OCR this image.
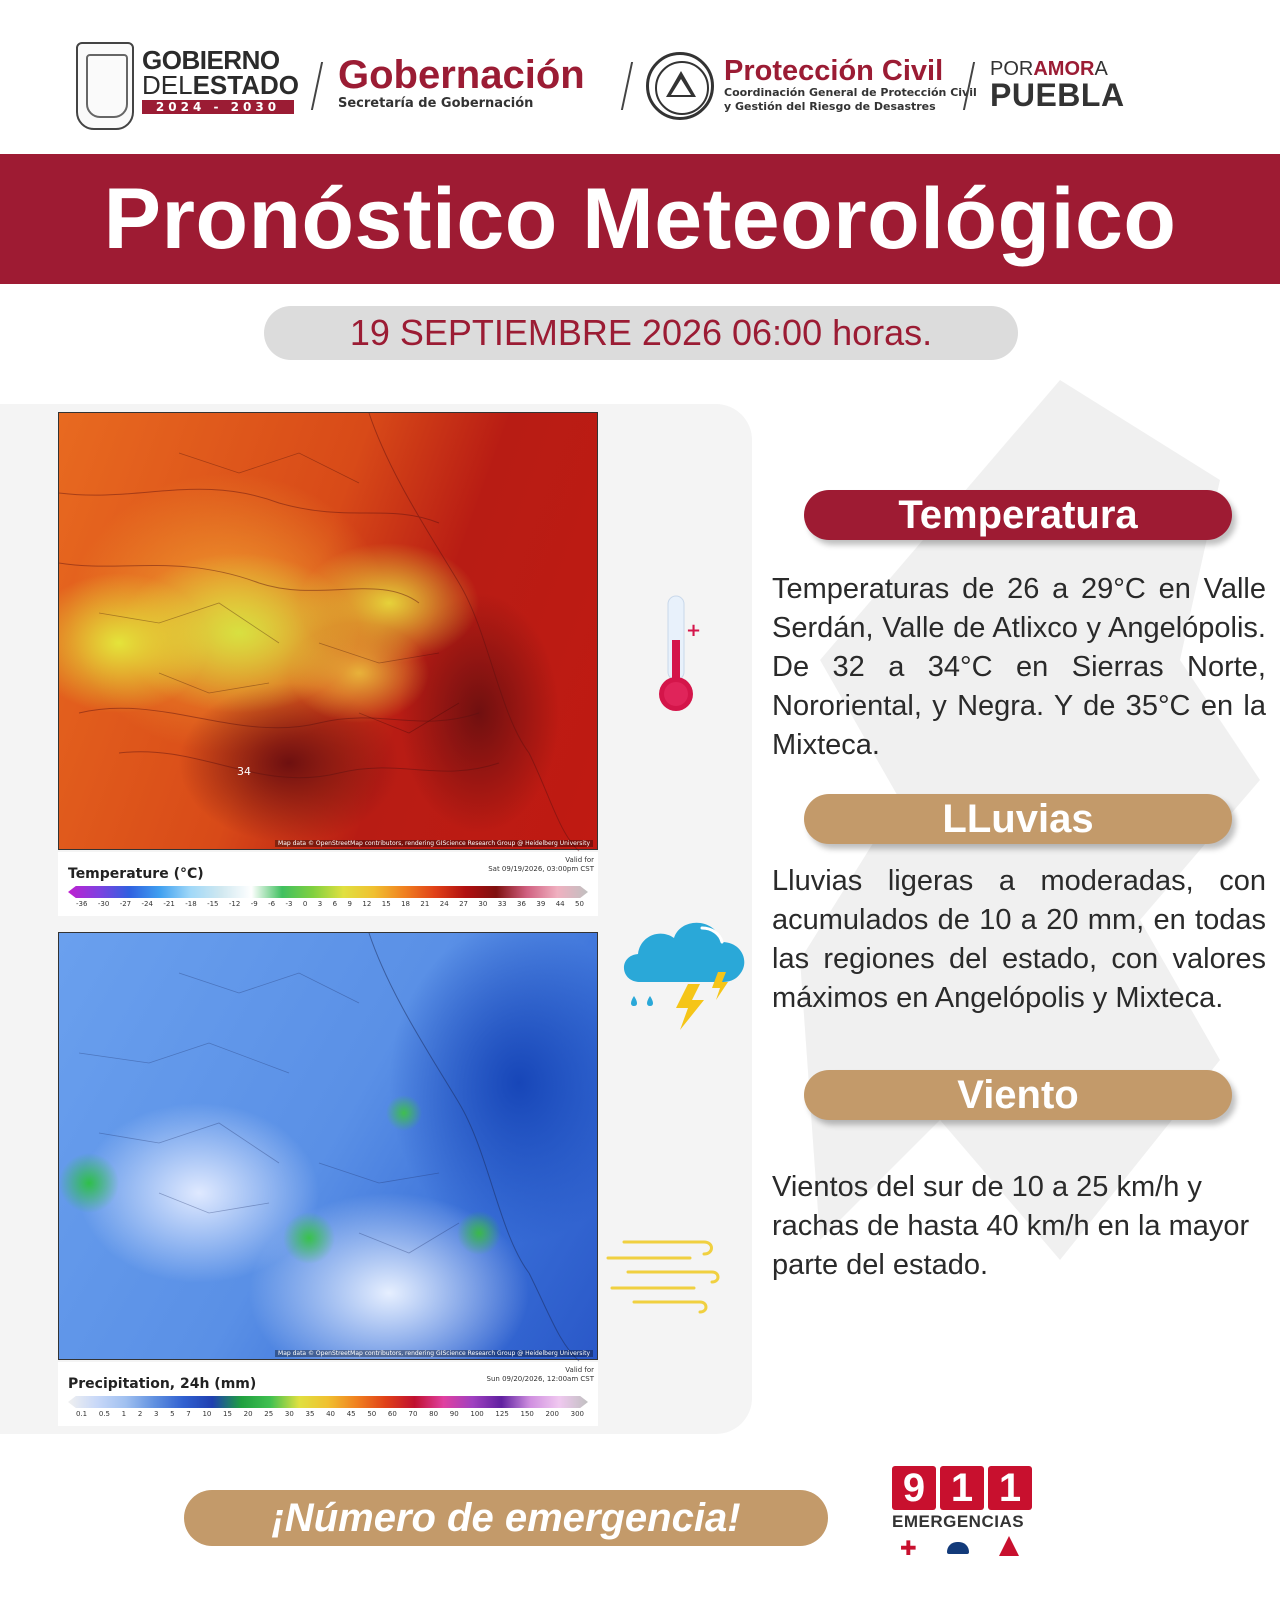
GOBIERNO
DELESTADO
2024 - 2030
Gobernación
Secretaría de Gobernación
Protección Civil
Coordinación General de Protección Civil
y Gestión del Riesgo de Desastres
PORAMORA
PUEBLA
Pronóstico Meteorológico
19 SEPTIEMBRE 2026 06:00 horas.
34
Map data © OpenStreetMap contributors, rendering GIScience Research Group @ Heidelberg University
Temperature (°C)
Valid for
Sat 09/19/2026, 03:00pm CST
-36 -30 -27 -24 -21 -18 -15 -12 -9 -6 -3 0 3 6 9 12 15 18 21 24 27 30 33 36 39 44 50
Map data © OpenStreetMap contributors, rendering GIScience Research Group @ Heidelberg University
Precipitation, 24h (mm)
Valid for
Sun 09/20/2026, 12:00am CST
0.1 0.5 1 2 3 5 7 10 15 20 25 30 35 40 45 50 60 70 80 90 100 125 150 200 300
+
Temperatura
Temperaturas de 26 a 29°C en Valle Serdán, Valle de Atlixco y Angelópolis. De 32 a 34°C en Sierras Norte, Nororiental, y Negra. Y de 35°C en la Mixteca.
LLuvias
Lluvias ligeras a moderadas, con acumulados de 10 a 20 mm, en todas las regiones del estado, con valores máximos en Angelópolis y Mixteca.
Viento
Vientos del sur de 10 a 25 km/h y rachas de hasta 40 km/h en la mayor parte del estado.
¡Número de emergencia!
9 1 1
EMERGENCIAS
✚
